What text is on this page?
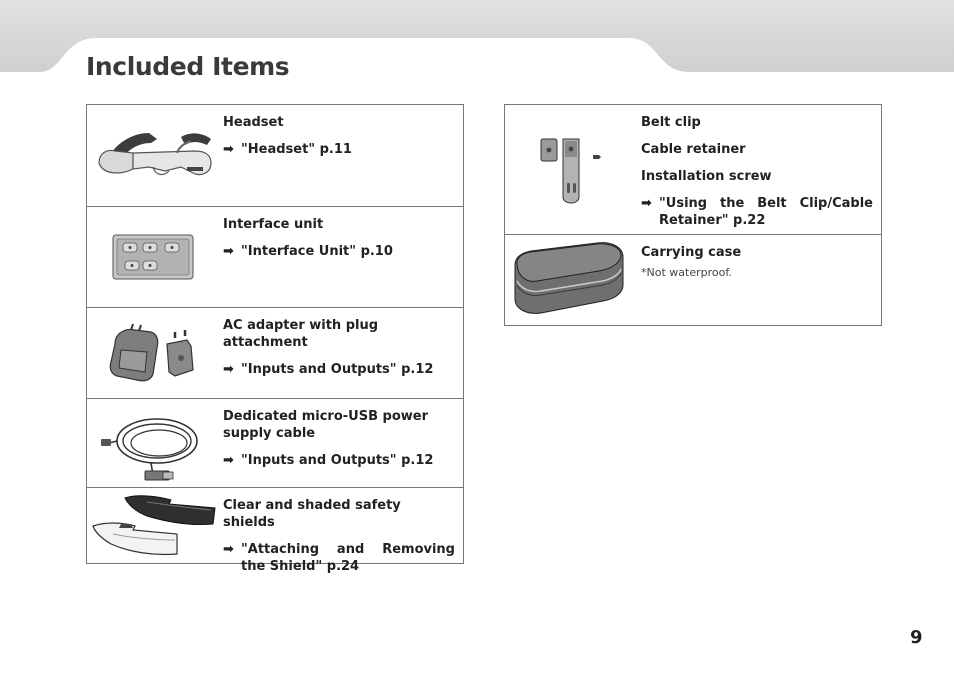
Included Items
Headset
➡ "Headset" p.11
Interface unit
➡ "Interface Unit" p.10
AC adapter with plug attachment
➡ "Inputs and Outputs" p.12
Dedicated micro-USB power supply cable
➡ "Inputs and Outputs" p.12
Clear and shaded safety shields
➡ "Attaching and Removing the Shield" p.24
Belt clip
Cable retainer
Installation screw
➡ "Using the Belt Clip/Cable Retainer" p.22
Carrying case
*Not waterproof.
9
